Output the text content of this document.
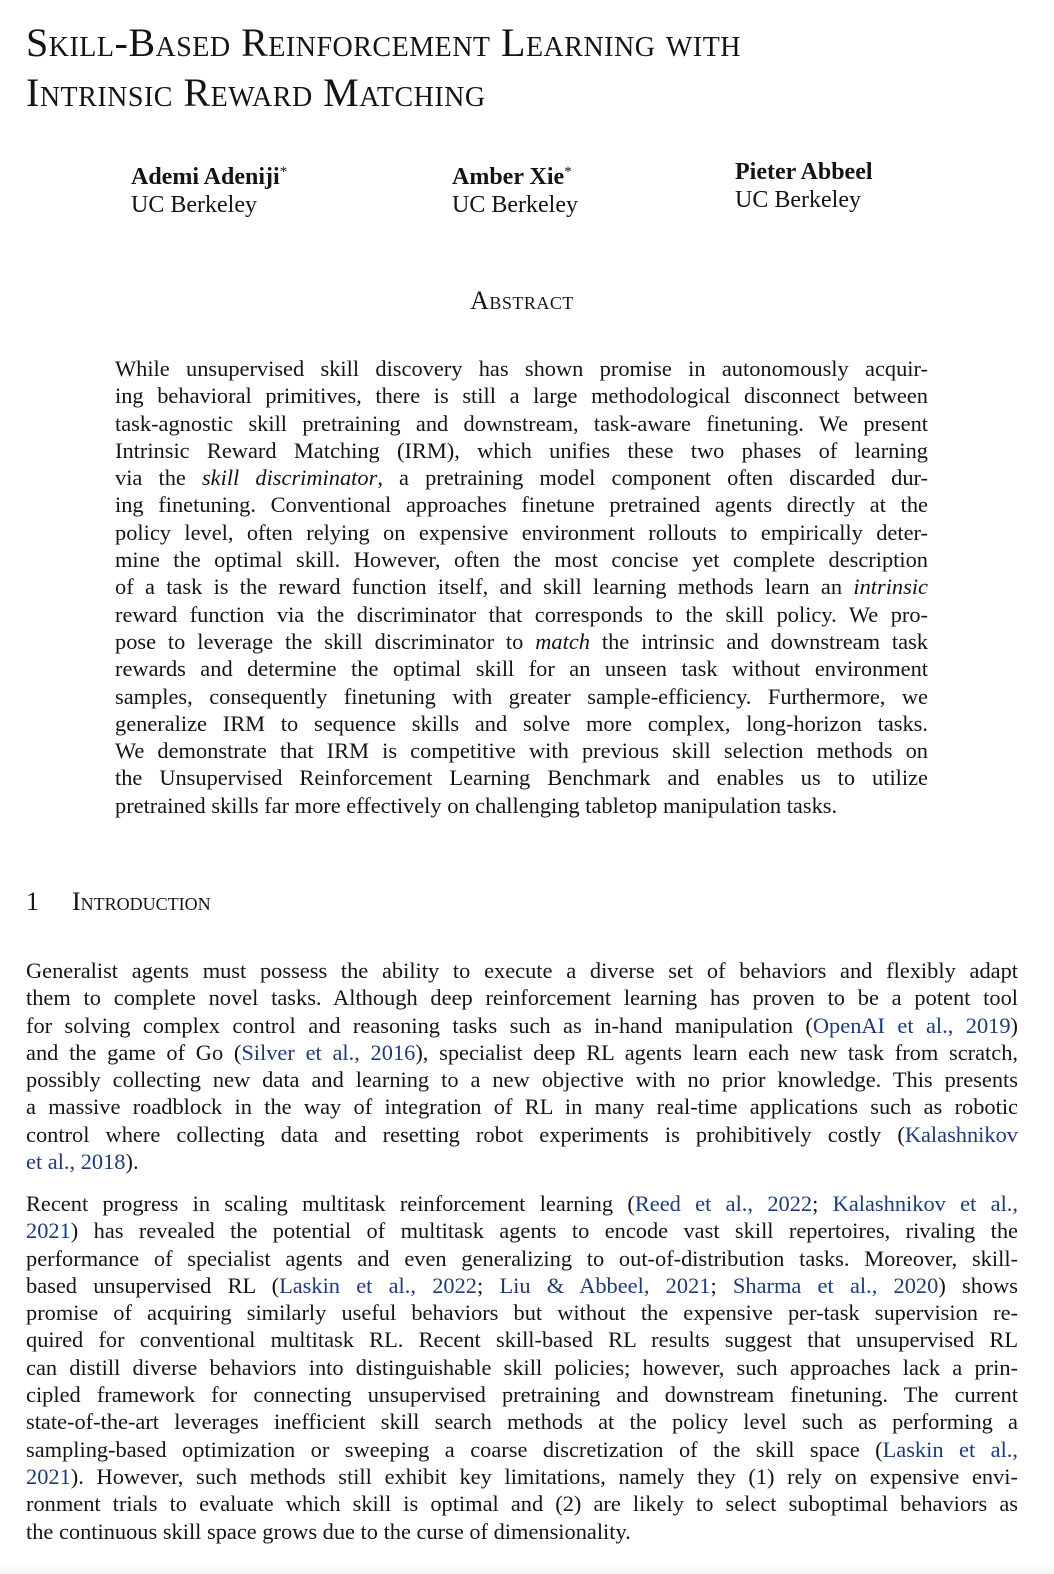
Skill-Based Reinforcement Learning with
Intrinsic Reward Matching
Ademi Adeniji*
UC Berkeley
Amber Xie*
UC Berkeley
Pieter Abbeel
UC Berkeley
Abstract
While unsupervised skill discovery has shown promise in autonomously acquir-
ing behavioral primitives, there is still a large methodological disconnect between
task-agnostic skill pretraining and downstream, task-aware finetuning. We present
Intrinsic Reward Matching (IRM), which unifies these two phases of learning
via the skill discriminator, a pretraining model component often discarded dur-
ing finetuning. Conventional approaches finetune pretrained agents directly at the
policy level, often relying on expensive environment rollouts to empirically deter-
mine the optimal skill. However, often the most concise yet complete description
of a task is the reward function itself, and skill learning methods learn an intrinsic
reward function via the discriminator that corresponds to the skill policy. We pro-
pose to leverage the skill discriminator to match the intrinsic and downstream task
rewards and determine the optimal skill for an unseen task without environment
samples, consequently finetuning with greater sample-efficiency. Furthermore, we
generalize IRM to sequence skills and solve more complex, long-horizon tasks.
We demonstrate that IRM is competitive with previous skill selection methods on
the Unsupervised Reinforcement Learning Benchmark and enables us to utilize
pretrained skills far more effectively on challenging tabletop manipulation tasks.
1 Introduction
Generalist agents must possess the ability to execute a diverse set of behaviors and flexibly adapt
them to complete novel tasks. Although deep reinforcement learning has proven to be a potent tool
for solving complex control and reasoning tasks such as in-hand manipulation (OpenAI et al., 2019)
and the game of Go (Silver et al., 2016), specialist deep RL agents learn each new task from scratch,
possibly collecting new data and learning to a new objective with no prior knowledge. This presents
a massive roadblock in the way of integration of RL in many real-time applications such as robotic
control where collecting data and resetting robot experiments is prohibitively costly (Kalashnikov
et al., 2018).
Recent progress in scaling multitask reinforcement learning (Reed et al., 2022; Kalashnikov et al.,
2021) has revealed the potential of multitask agents to encode vast skill repertoires, rivaling the
performance of specialist agents and even generalizing to out-of-distribution tasks. Moreover, skill-
based unsupervised RL (Laskin et al., 2022; Liu & Abbeel, 2021; Sharma et al., 2020) shows
promise of acquiring similarly useful behaviors but without the expensive per-task supervision re-
quired for conventional multitask RL. Recent skill-based RL results suggest that unsupervised RL
can distill diverse behaviors into distinguishable skill policies; however, such approaches lack a prin-
cipled framework for connecting unsupervised pretraining and downstream finetuning. The current
state-of-the-art leverages inefficient skill search methods at the policy level such as performing a
sampling-based optimization or sweeping a coarse discretization of the skill space (Laskin et al.,
2021). However, such methods still exhibit key limitations, namely they (1) rely on expensive envi-
ronment trials to evaluate which skill is optimal and (2) are likely to select suboptimal behaviors as
the continuous skill space grows due to the curse of dimensionality.
